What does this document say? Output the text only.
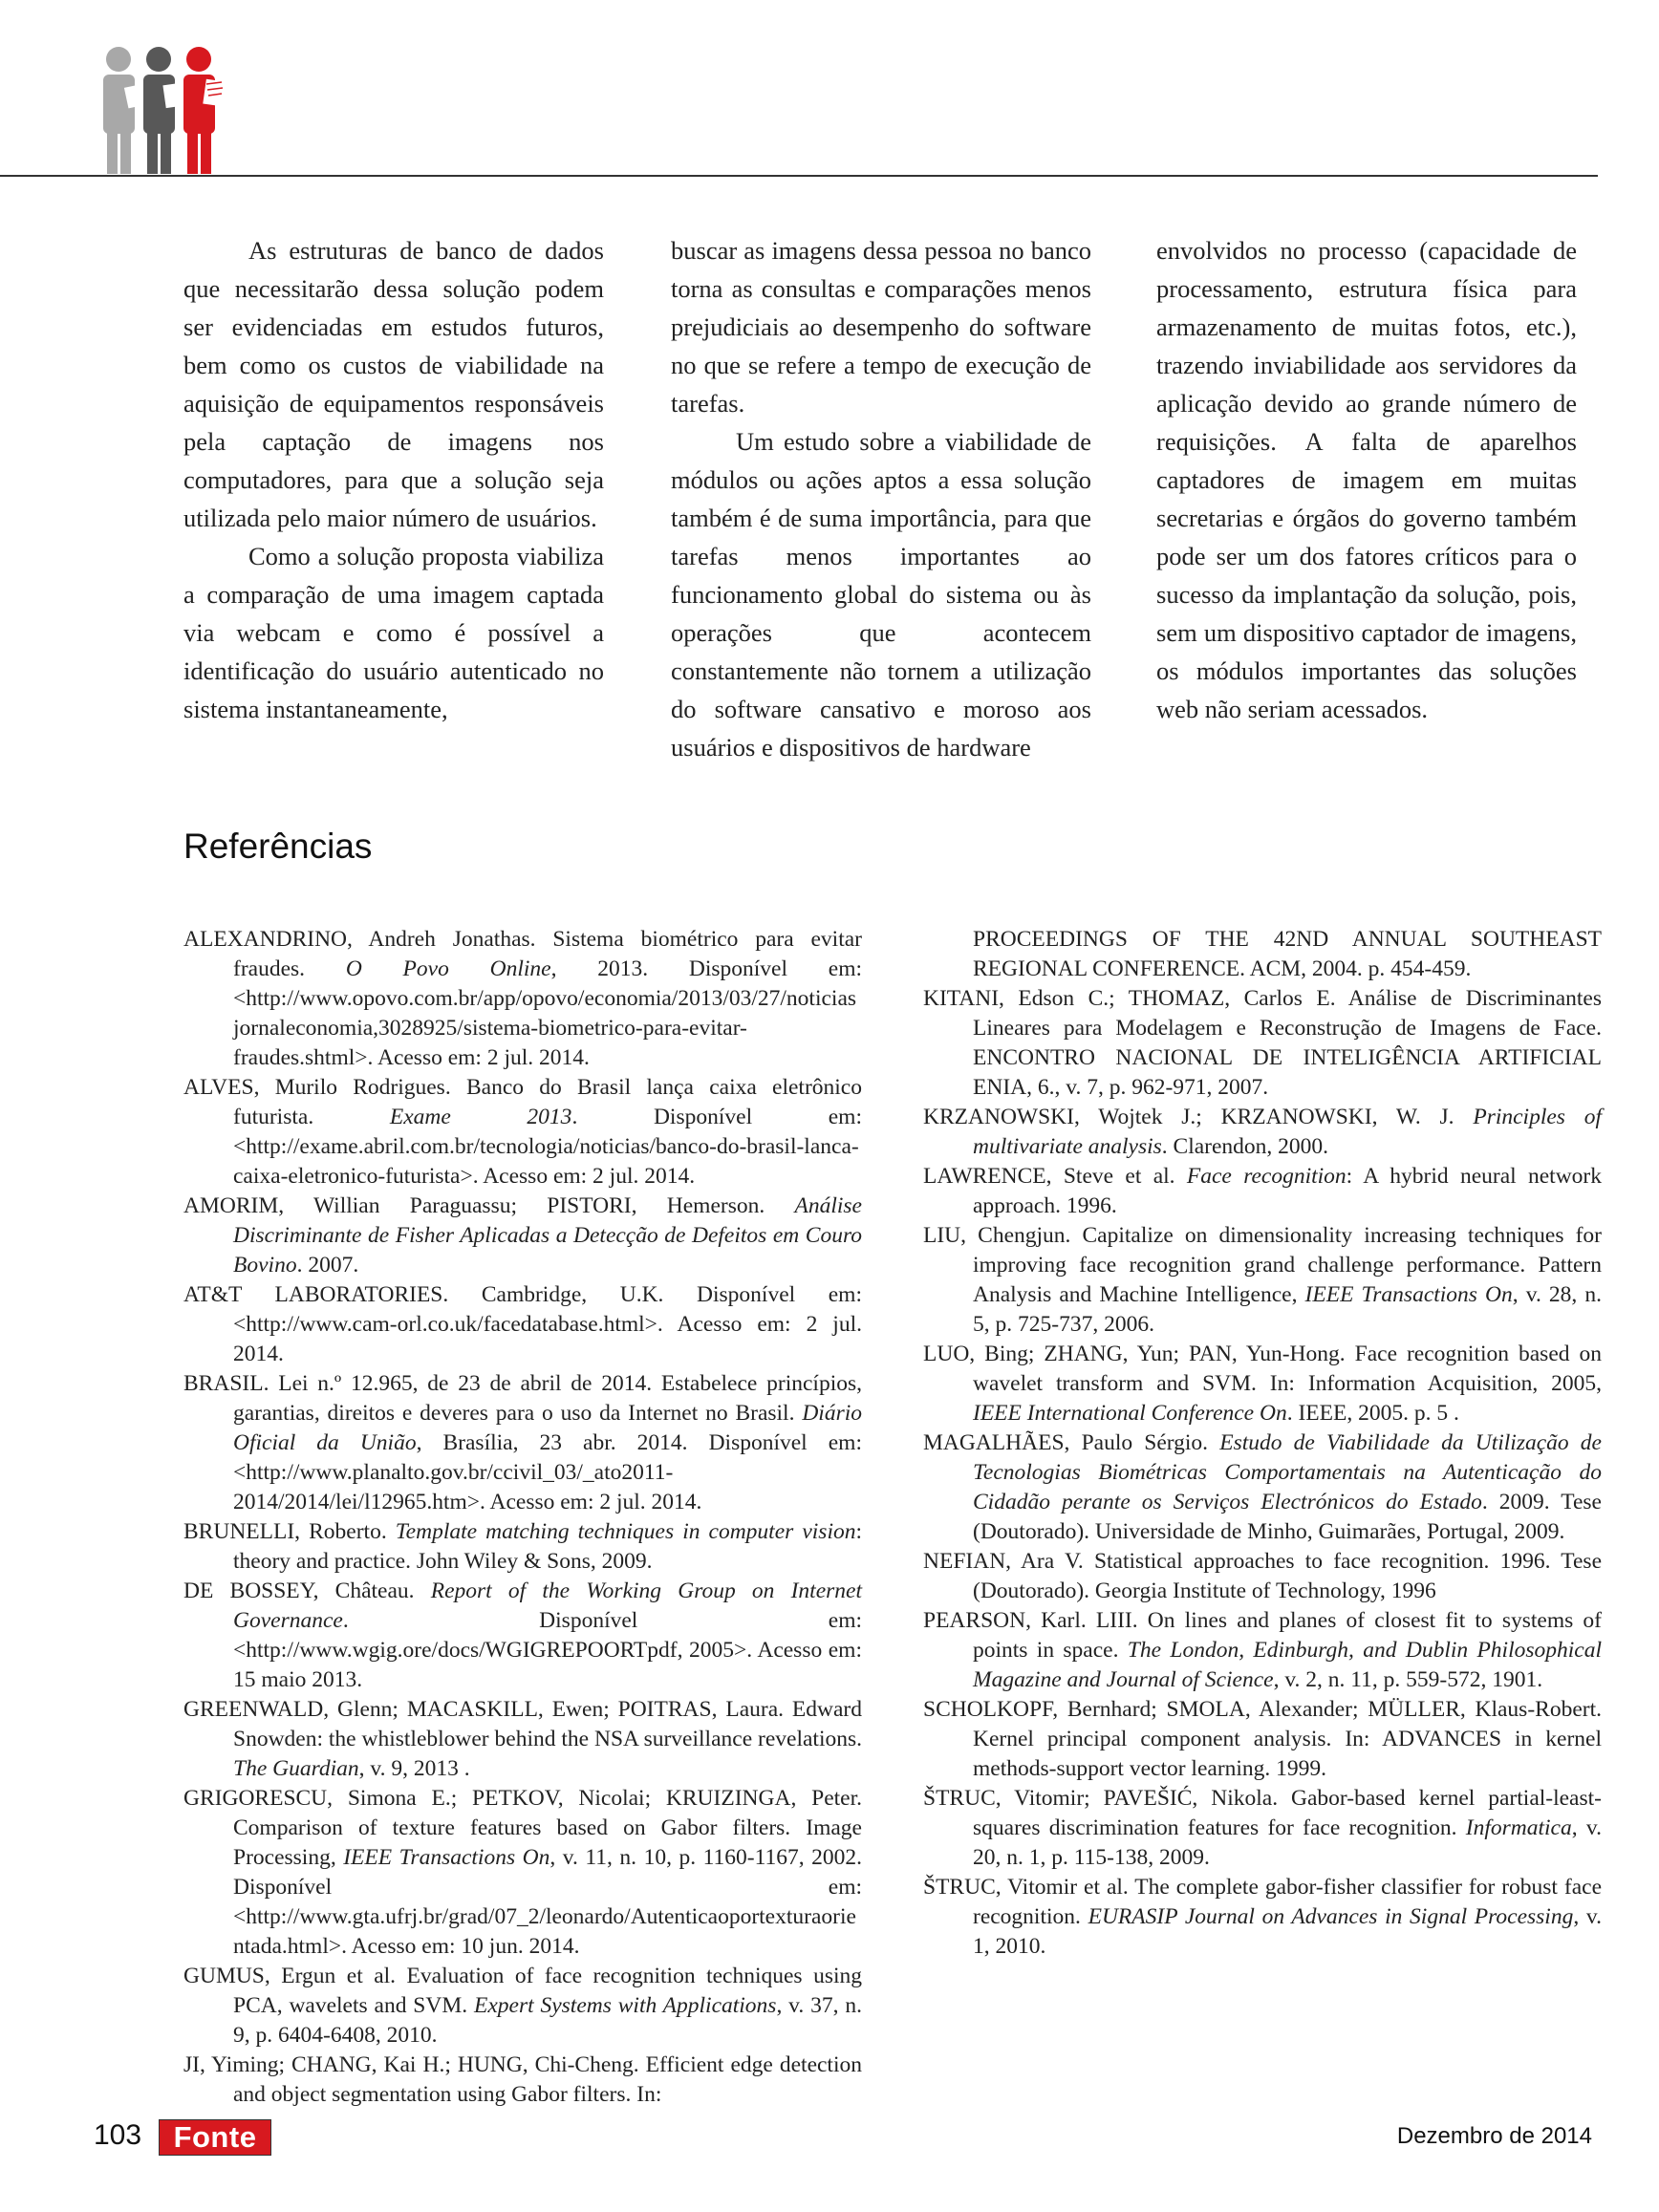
As estruturas de banco de dados que necessitarão dessa solução podem ser evidenciadas em estudos futuros, bem como os custos de viabilidade na aquisição de equipamentos responsáveis pela captação de imagens nos computadores, para que a solução seja utilizada pelo maior número de usuários.

Como a solução proposta viabiliza a comparação de uma imagem captada via webcam e como é possível a identificação do usuário autenticado no sistema instantaneamente,

buscar as imagens dessa pessoa no banco torna as consultas e comparações menos prejudiciais ao desempenho do software no que se refere a tempo de execução de tarefas.

Um estudo sobre a viabilidade de módulos ou ações aptos a essa solução também é de suma importância, para que tarefas menos importantes ao funcionamento global do sistema ou às operações que acontecem constantemente não tornem a utilização do software cansativo e moroso aos usuários e dispositivos de hardware

envolvidos no processo (capacidade de processamento, estrutura física para armazenamento de muitas fotos, etc.), trazendo inviabilidade aos servidores da aplicação devido ao grande número de requisições. A falta de aparelhos captadores de imagem em muitas secretarias e órgãos do governo também pode ser um dos fatores críticos para o sucesso da implantação da solução, pois, sem um dispositivo captador de imagens, os módulos importantes das soluções web não seriam acessados.

Referências

ALEXANDRINO, Andreh Jonathas. Sistema biométrico para evitar fraudes. O Povo Online, 2013. Disponível em: <http://www.opovo.com.br/app/opovo/economia/2013/03/27/noticiasjornaleconomia,3028925/sistema-biometrico-para-evitar-fraudes.shtml>. Acesso em: 2 jul. 2014.

ALVES, Murilo Rodrigues. Banco do Brasil lança caixa eletrônico futurista. Exame 2013. Disponível em: <http://exame.abril.com.br/tecnologia/noticias/banco-do-brasil-lanca-caixa-eletronico-futurista>. Acesso em: 2 jul. 2014.

AMORIM, Willian Paraguassu; PISTORI, Hemerson. Análise Discriminante de Fisher Aplicadas a Detecção de Defeitos em Couro Bovino. 2007.

AT&T LABORATORIES. Cambridge, U.K. Disponível em: <http://www.cam-orl.co.uk/facedatabase.html>. Acesso em: 2 jul. 2014.

BRASIL. Lei n.º 12.965, de 23 de abril de 2014. Estabelece princípios, garantias, direitos e deveres para o uso da Internet no Brasil. Diário Oficial da União, Brasília, 23 abr. 2014. Disponível em: <http://www.planalto.gov.br/ccivil_03/_ato2011-2014/2014/lei/l12965.htm>. Acesso em: 2 jul. 2014.

BRUNELLI, Roberto. Template matching techniques in computer vision: theory and practice. John Wiley & Sons, 2009.

DE BOSSEY, Château. Report of the Working Group on Internet Governance. Disponível em: <http://www.wgig.ore/docs/WGIGREPOORTpdf, 2005>. Acesso em: 15 maio 2013.

GREENWALD, Glenn; MACASKILL, Ewen; POITRAS, Laura. Edward Snowden: the whistleblower behind the NSA surveillance revelations. The Guardian, v. 9, 2013 .

GRIGORESCU, Simona E.; PETKOV, Nicolai; KRUIZINGA, Peter. Comparison of texture features based on Gabor filters. Image Processing, IEEE Transactions On, v. 11, n. 10, p. 1160-1167, 2002. Disponível em: <http://www.gta.ufrj.br/grad/07_2/leonardo/Autenticaoportexturaorientada.html>. Acesso em: 10 jun. 2014.

GUMUS, Ergun et al. Evaluation of face recognition techniques using PCA, wavelets and SVM. Expert Systems with Applications, v. 37, n. 9, p. 6404-6408, 2010.

JI, Yiming; CHANG, Kai H.; HUNG, Chi-Cheng. Efficient edge detection and object segmentation using Gabor filters. In:

PROCEEDINGS OF THE 42ND ANNUAL SOUTHEAST REGIONAL CONFERENCE. ACM, 2004. p. 454-459.

KITANI, Edson C.; THOMAZ, Carlos E. Análise de Discriminantes Lineares para Modelagem e Reconstrução de Imagens de Face. ENCONTRO NACIONAL DE INTELIGÊNCIA ARTIFICIAL ENIA, 6., v. 7, p. 962-971, 2007.

KRZANOWSKI, Wojtek J.; KRZANOWSKI, W. J. Principles of multivariate analysis. Clarendon, 2000.

LAWRENCE, Steve et al. Face recognition: A hybrid neural network approach. 1996.

LIU, Chengjun. Capitalize on dimensionality increasing techniques for improving face recognition grand challenge performance. Pattern Analysis and Machine Intelligence, IEEE Transactions On, v. 28, n. 5, p. 725-737, 2006.

LUO, Bing; ZHANG, Yun; PAN, Yun-Hong. Face recognition based on wavelet transform and SVM. In: Information Acquisition, 2005, IEEE International Conference On. IEEE, 2005. p. 5 .

MAGALHÃES, Paulo Sérgio. Estudo de Viabilidade da Utilização de Tecnologias Biométricas Comportamentais na Autenticação do Cidadão perante os Serviços Electrónicos do Estado. 2009. Tese (Doutorado). Universidade de Minho, Guimarães, Portugal, 2009.

NEFIAN, Ara V. Statistical approaches to face recognition. 1996. Tese (Doutorado). Georgia Institute of Technology, 1996

PEARSON, Karl. LIII. On lines and planes of closest fit to systems of points in space. The London, Edinburgh, and Dublin Philosophical Magazine and Journal of Science, v. 2, n. 11, p. 559-572, 1901.

SCHOLKOPF, Bernhard; SMOLA, Alexander; MÜLLER, Klaus-Robert. Kernel principal component analysis. In: ADVANCES in kernel methods-support vector learning. 1999.

ŠTRUC, Vitomir; PAVEŠIĆ, Nikola. Gabor-based kernel partial-least-squares discrimination features for face recognition. Informatica, v. 20, n. 1, p. 115-138, 2009.

ŠTRUC, Vitomir et al. The complete gabor-fisher classifier for robust face recognition. EURASIP Journal on Advances in Signal Processing, v. 1, 2010.

103	Fonte	Dezembro de 2014
